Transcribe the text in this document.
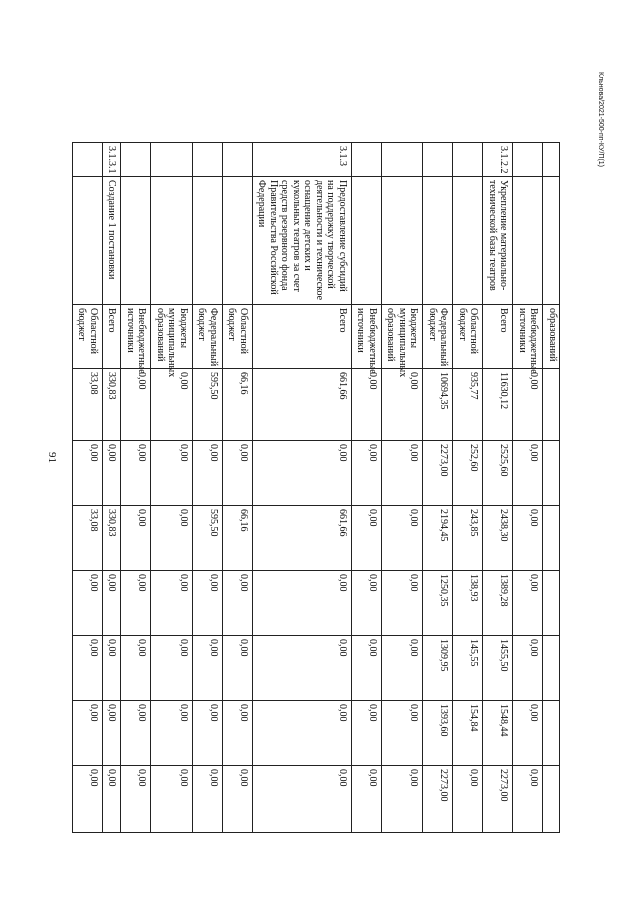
91
Кльнова/2021-500-пп-КУ/П(1)
		образований							
		Внебюджетные источники	0,00	0,00	0,00	0,00	0,00	0,00	0,00
3.1.2.2	Укрепление материально-технической базы театров	Всего	11630,12	2525,60	2438,30	1389,28	1455,50	1548,44	2273,00
		Областной бюджет	935,77	252,60	243,85	138,93	145,55	154,84	0,00
		Федеральный бюджет	10694,35	2273,00	2194,45	1250,35	1309,95	1393,60	2273,00
		Бюджеты муниципальных образований	0,00	0,00	0,00	0,00	0,00	0,00	0,00
		Внебюджетные источники	0,00	0,00	0,00	0,00	0,00	0,00	0,00
3.1.3	Предоставление субсидий на поддержку творческой деятельности и техническое оснащение детских и кукольных театров за счет средств резервного фонда Правительства Российской Федерации	Всего	661,66	0,00	661,66	0,00	0,00	0,00	0,00
		Областной бюджет	66,16	0,00	66,16	0,00	0,00	0,00	0,00
		Федеральный бюджет	595,50	0,00	595,50	0,00	0,00	0,00	0,00
		Бюджеты муниципальных образований	0,00	0,00	0,00	0,00	0,00	0,00	0,00
		Внебюджетные источники	0,00	0,00	0,00	0,00	0,00	0,00	0,00
3.1.3.1	Создание 1 постановки	Всего	330,83	0,00	330,83	0,00	0,00	0,00	0,00
		Областной бюджет	33,08	0,00	33,08	0,00	0,00	0,00	0,00
